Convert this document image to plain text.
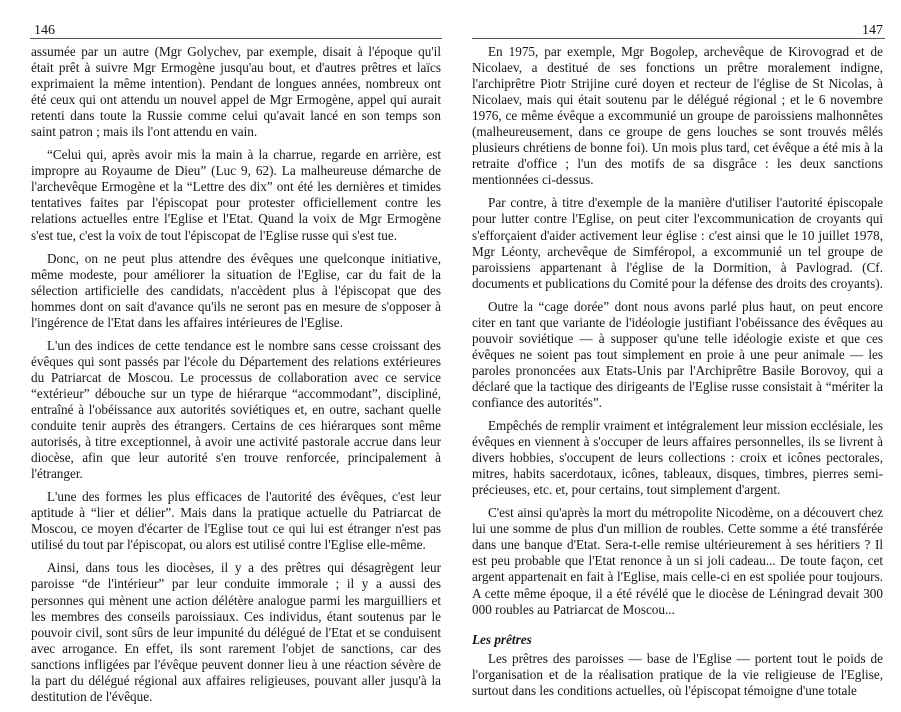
146

assumée par un autre (Mgr Golychev, par exemple, disait à l'époque qu'il était prêt à suivre Mgr Ermogène jusqu'au bout, et d'autres prêtres et laïcs exprimaient la même intention). Pendant de longues années, nombreux ont été ceux qui ont attendu un nouvel appel de Mgr Ermogène, appel qui aurait retenti dans toute la Russie comme celui qu'avait lancé en son temps son saint patron ; mais ils l'ont attendu en vain.

“Celui qui, après avoir mis la main à la charrue, regarde en arrière, est impropre au Royaume de Dieu” (Luc 9, 62). La malheureuse démarche de l'archevêque Ermogène et la “Lettre des dix” ont été les dernières et timides tentatives faites par l'épiscopat pour protester officiellement contre les relations actuelles entre l'Eglise et l'Etat. Quand la voix de Mgr Ermogène s'est tue, c'est la voix de tout l'épiscopat de l'Eglise russe qui s'est tue.

Donc, on ne peut plus attendre des évêques une quelconque initiative, même modeste, pour améliorer la situation de l'Eglise, car du fait de la sélection artificielle des candidats, n'accèdent plus à l'épiscopat que des hommes dont on sait d'avance qu'ils ne seront pas en mesure de s'opposer à l'ingérence de l'Etat dans les affaires intérieures de l'Eglise.

L'un des indices de cette tendance est le nombre sans cesse croissant des évêques qui sont passés par l'école du Département des relations extérieures du Patriarcat de Moscou. Le processus de collaboration avec ce service “extérieur” débouche sur un type de hiérarque “accommodant”, discipliné, entraîné à l'obéissance aux autorités soviétiques et, en outre, sachant quelle conduite tenir auprès des étrangers. Certains de ces hiérarques sont même autorisés, à titre exceptionnel, à avoir une activité pastorale accrue dans leur diocèse, afin que leur autorité s'en trouve renforcée, principalement à l'étranger.

L'une des formes les plus efficaces de l'autorité des évêques, c'est leur aptitude à “lier et délier”. Mais dans la pratique actuelle du Patriarcat de Moscou, ce moyen d'écarter de l'Eglise tout ce qui lui est étranger n'est pas utilisé du tout par l'épiscopat, ou alors est utilisé contre l'Eglise elle-même.

Ainsi, dans tous les diocèses, il y a des prêtres qui désagrègent leur paroisse “de l'intérieur” par leur conduite immorale ; il y a aussi des personnes qui mènent une action délétère analogue parmi les marguilliers et les membres des conseils paroissiaux. Ces individus, étant soutenus par le pouvoir civil, sont sûrs de leur impunité du délégué de l'Etat et se conduisent avec arrogance. En effet, ils sont rarement l'objet de sanctions, car des sanctions infligées par l'évêque peuvent donner lieu à une réaction sévère de la part du délégué régional aux affaires religieuses, pouvant aller jusqu'à la destitution de l'évêque.

147

En 1975, par exemple, Mgr Bogolep, archevêque de Kirovograd et de Nicolaev, a destitué de ses fonctions un prêtre moralement indigne, l'archiprêtre Piotr Strijine curé doyen et recteur de l'église de St Nicolas, à Nicolaev, mais qui était soutenu par le délégué régional ; et le 6 novembre 1976, ce même évêque a excommunié un groupe de paroissiens malhonnêtes (malheureusement, dans ce groupe de gens louches se sont trouvés mêlés plusieurs chrétiens de bonne foi). Un mois plus tard, cet évêque a été mis à la retraite d'office ; l'un des motifs de sa disgrâce : les deux sanctions mentionnées ci-dessus.

Par contre, à titre d'exemple de la manière d'utiliser l'autorité épiscopale pour lutter contre l'Eglise, on peut citer l'excommunication de croyants qui s'efforçaient d'aider activement leur église : c'est ainsi que le 10 juillet 1978, Mgr Léonty, archevêque de Simféropol, a excommunié un tel groupe de paroissiens appartenant à l'église de la Dormition, à Pavlograd. (Cf. documents et publications du Comité pour la défense des droits des croyants).

Outre la “cage dorée” dont nous avons parlé plus haut, on peut encore citer en tant que variante de l'idéologie justifiant l'obéissance des évêques au pouvoir soviétique — à supposer qu'une telle idéologie existe et que ces évêques ne soient pas tout simplement en proie à une peur animale — les paroles prononcées aux Etats-Unis par l'Archiprêtre Basile Borovoy, qui a déclaré que la tactique des dirigeants de l'Eglise russe consistait à “mériter la confiance des autorités”.

Empêchés de remplir vraiment et intégralement leur mission ecclésiale, les évêques en viennent à s'occuper de leurs affaires personnelles, ils se livrent à divers hobbies, s'occupent de leurs collections : croix et icônes pectorales, mitres, habits sacerdotaux, icônes, tableaux, disques, timbres, pierres semi-précieuses, etc. et, pour certains, tout simplement d'argent.

C'est ainsi qu'après la mort du métropolite Nicodème, on a découvert chez lui une somme de plus d'un million de roubles. Cette somme a été transférée dans une banque d'Etat. Sera-t-elle remise ultérieurement à ses héritiers ? Il est peu probable que l'Etat renonce à un si joli cadeau... De toute façon, cet argent appartenait en fait à l'Eglise, mais celle-ci en est spoliée pour toujours. A cette même époque, il a été révélé que le diocèse de Léningrad devait 300 000 roubles au Patriarcat de Moscou...

Les prêtres

Les prêtres des paroisses — base de l'Eglise — portent tout le poids de l'organisation et de la réalisation pratique de la vie religieuse de l'Eglise, surtout dans les conditions actuelles, où l'épiscopat témoigne d'une totale
